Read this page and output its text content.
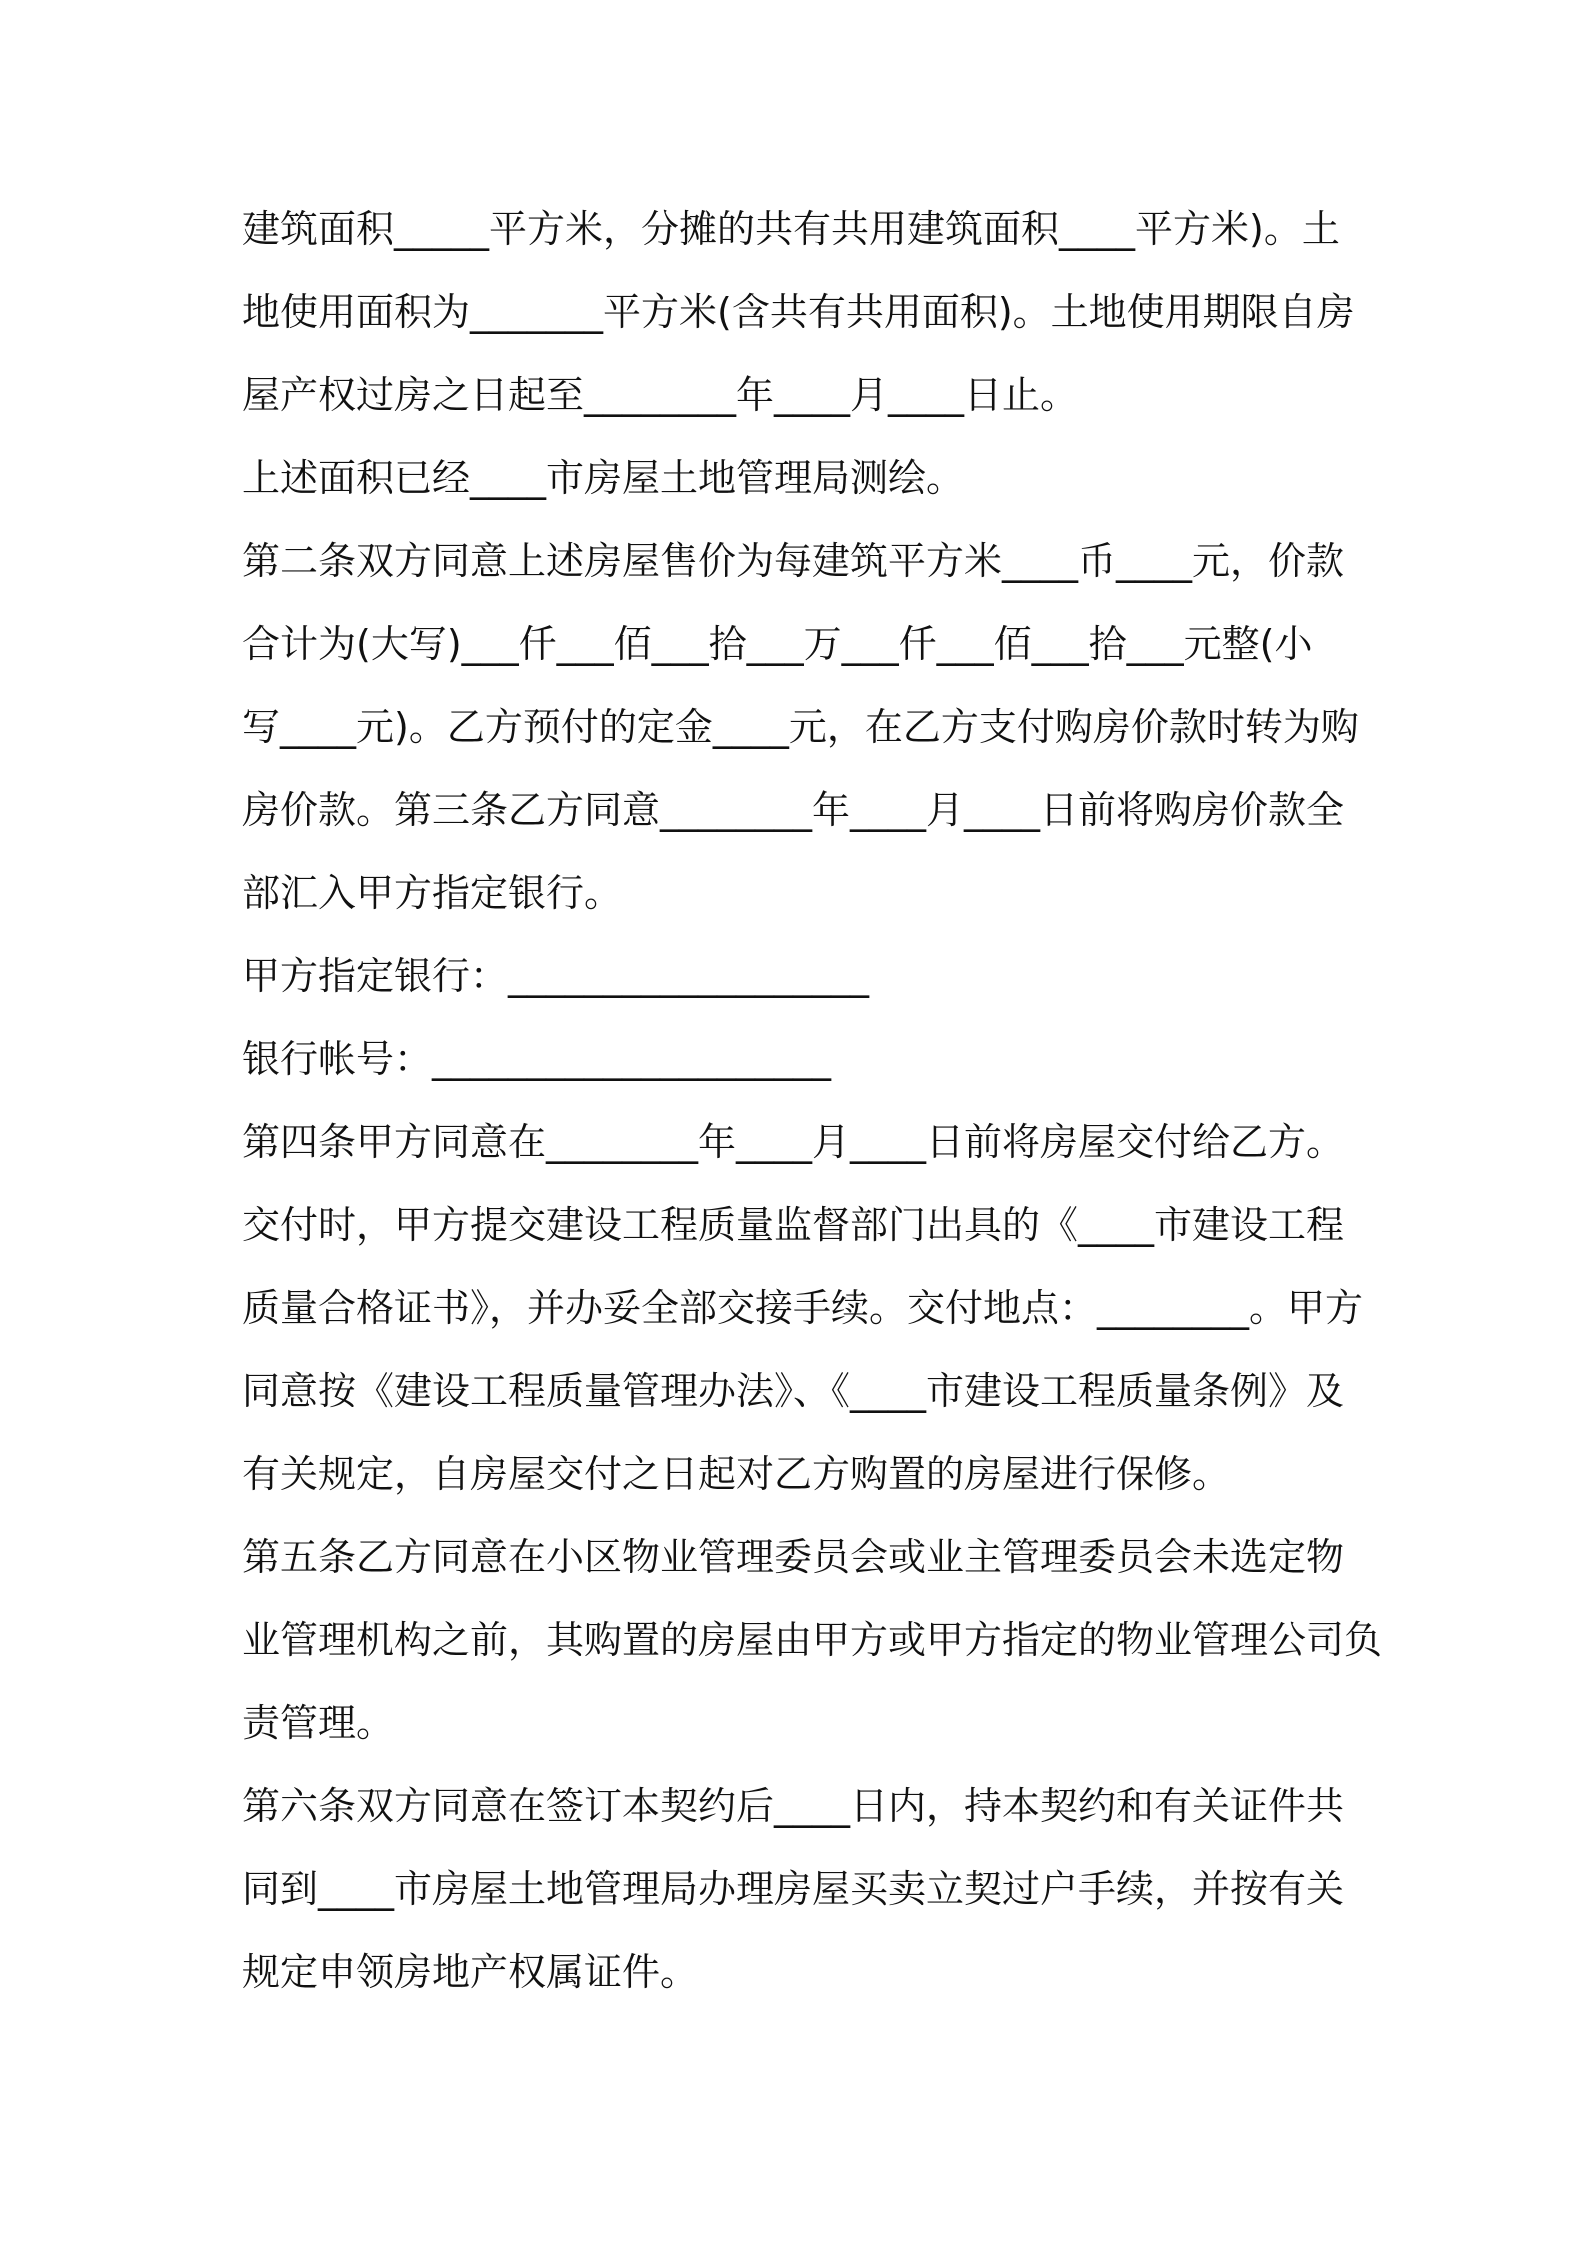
建筑面积_____平方米，分摊的共有共用建筑面积____平方米)。土
地使用面积为_______平方米(含共有共用面积)。土地使用期限自房
屋产权过房之日起至________年____月____日止。
上述面积已经____市房屋土地管理局测绘。
第二条双方同意上述房屋售价为每建筑平方米____币____元，价款
合计为(大写)___仟___佰___拾___万___仟___佰___拾___元整(小
写____元)。乙方预付的定金____元，在乙方支付购房价款时转为购
房价款。第三条乙方同意________年____月____日前将购房价款全
部汇入甲方指定银行。
甲方指定银行：___________________
银行帐号：_____________________
第四条甲方同意在________年____月____日前将房屋交付给乙方。
交付时，甲方提交建设工程质量监督部门出具的《____市建设工程
质量合格证书》，并办妥全部交接手续。交付地点：________。甲方
同意按《建设工程质量管理办法》、《____市建设工程质量条例》及
有关规定，自房屋交付之日起对乙方购置的房屋进行保修。
第五条乙方同意在小区物业管理委员会或业主管理委员会未选定物
业管理机构之前，其购置的房屋由甲方或甲方指定的物业管理公司负
责管理。
第六条双方同意在签订本契约后____日内，持本契约和有关证件共
同到____市房屋土地管理局办理房屋买卖立契过户手续，并按有关
规定申领房地产权属证件。
